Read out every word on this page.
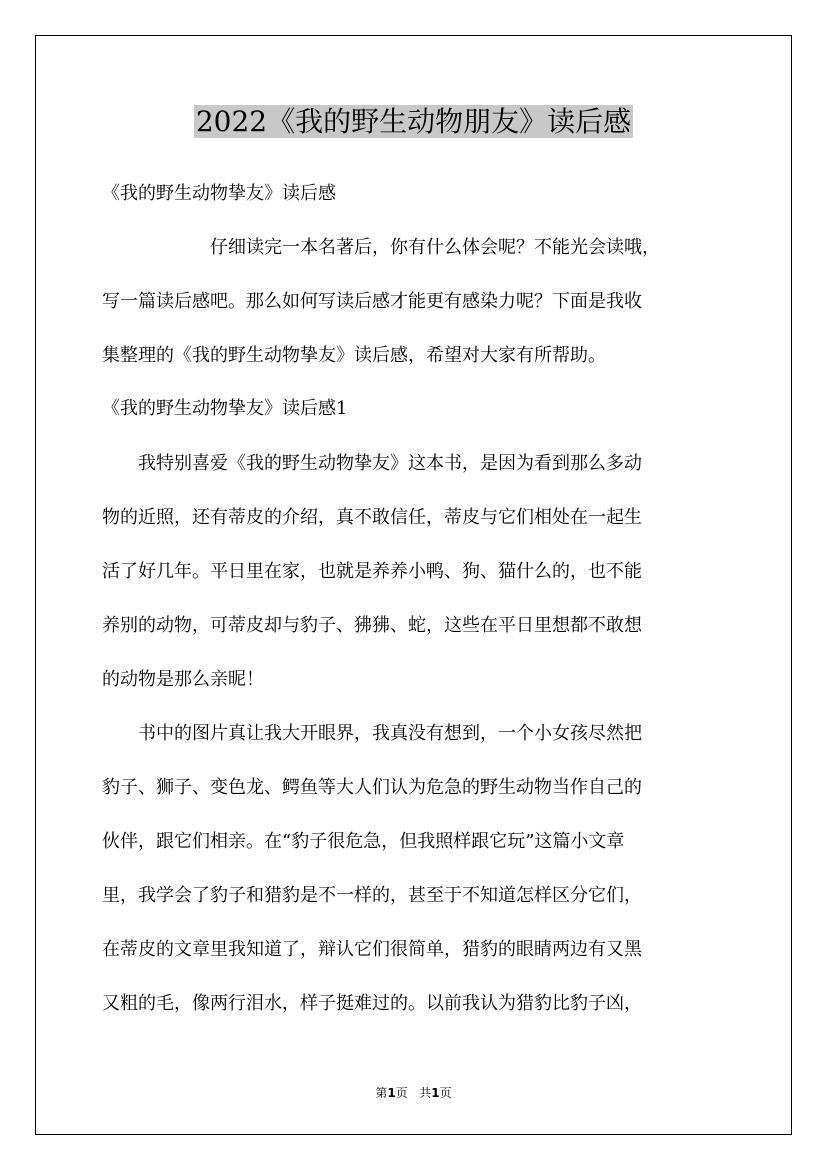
2022《我的野生动物朋友》读后感
《我的野生动物挚友》读后感
　　　　　　仔细读完一本名著后，你有什么体会呢？不能光会读哦，
写一篇读后感吧。那么如何写读后感才能更有感染力呢？下面是我收
集整理的《我的野生动物挚友》读后感，希望对大家有所帮助。
《我的野生动物挚友》读后感1
　　我特别喜爱《我的野生动物挚友》这本书，是因为看到那么多动
物的近照，还有蒂皮的介绍，真不敢信任，蒂皮与它们相处在一起生
活了好几年。平日里在家，也就是养养小鸭、狗、猫什么的，也不能
养别的动物，可蒂皮却与豹子、狒狒、蛇，这些在平日里想都不敢想
的动物是那么亲昵！
　　书中的图片真让我大开眼界，我真没有想到，一个小女孩尽然把
豹子、狮子、变色龙、鳄鱼等大人们认为危急的野生动物当作自己的
伙伴，跟它们相亲。在“豹子很危急，但我照样跟它玩”这篇小文章
里，我学会了豹子和猎豹是不一样的，甚至于不知道怎样区分它们，
在蒂皮的文章里我知道了，辩认它们很简单，猎豹的眼睛两边有又黑
又粗的毛，像两行泪水，样子挺难过的。以前我认为猎豹比豹子凶，
第1页 共1页
